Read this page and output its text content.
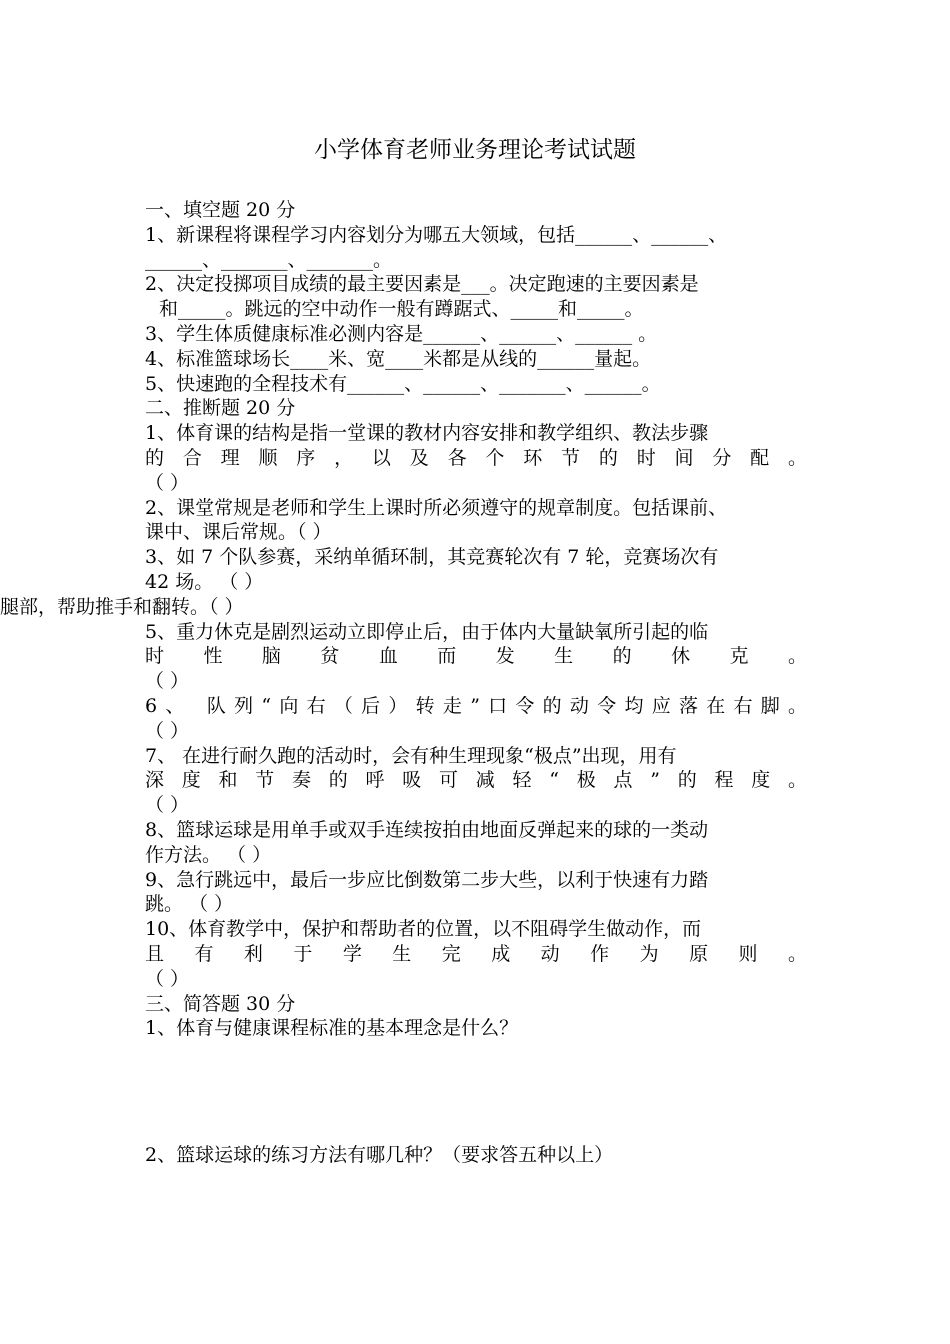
小学体育老师业务理论考试试题
一、填空题 20 分
1、新课程将课程学习内容划分为哪五大领域，包括______、______、
______、_______、_______。
2、决定投掷项目成绩的最主要因素是___。决定跑速的主要因素是
和_____。跳远的空中动作一般有蹲踞式、_____和_____。
3、学生体质健康标准必测内容是______、______、______ 。
4、标准篮球场长____米、宽____米都是从线的______量起。
5、快速跑的全程技术有______、______、_______、______。
二、推断题 20 分
1、体育课的结构是指一堂课的教材内容安排和教学组织、教法步骤
的合理顺序，以及各个环节的时间分配。
（ ）
2、课堂常规是老师和学生上课时所必须遵守的规章制度。包括课前、
课中、课后常规。（ ）
3、如 7 个队参赛，采纳单循环制，其竞赛轮次有 7 轮，竞赛场次有
42 场。 （ ）
腿部，帮助推手和翻转。（ ）
5、重力休克是剧烈运动立即停止后，由于体内大量缺氧所引起的临
时性脑贫血而发生的休克。
（ ）
6、 队列“向右（后）转走”口令的动令均应落在右脚。
（ ）
7、 在进行耐久跑的活动时，会有种生理现象“极点”出现，用有
深度和节奏的呼吸可减轻“极点”的程度。
（ ）
8、篮球运球是用单手或双手连续按拍由地面反弹起来的球的一类动
作方法。 （ ）
9、急行跳远中，最后一步应比倒数第二步大些，以利于快速有力踏
跳。 （ ）
10、体育教学中，保护和帮助者的位置，以不阻碍学生做动作，而
且有利于学生完成动作为原则。
（ ）
三、简答题 30 分
1、体育与健康课程标准的基本理念是什么？
2、篮球运球的练习方法有哪几种？（要求答五种以上）
